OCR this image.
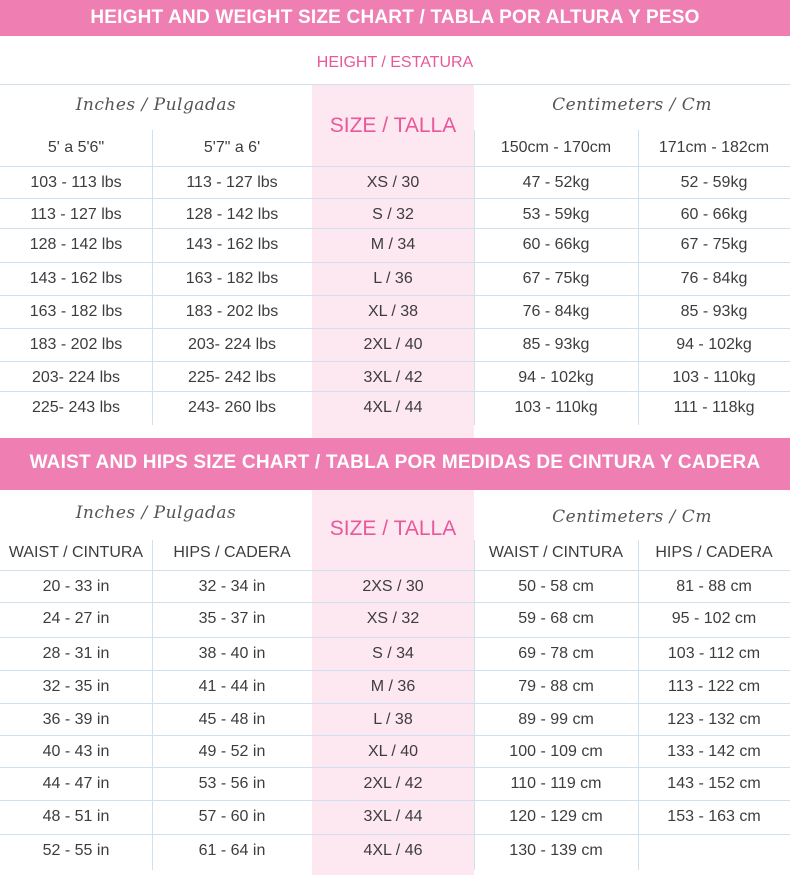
HEIGHT AND WEIGHT SIZE CHART / TABLA POR ALTURA Y PESO
HEIGHT / ESTATURA
Inches / Pulgadas	Centimeters / Cm
SIZE / TALLA
5' a 5'6"	5'7" a 6'	150cm - 170cm	171cm - 182cm
103 - 113 lbs	113 - 127 lbs	XS / 30	47 - 52kg	52 - 59kg
113 - 127 lbs	128 - 142 lbs	S / 32	53 - 59kg	60 - 66kg
128 - 142 lbs	143 - 162 lbs	M / 34	60 - 66kg	67 - 75kg
143 - 162 lbs	163 - 182 lbs	L / 36	67 - 75kg	76 - 84kg
163 - 182 lbs	183 - 202 lbs	XL / 38	76 - 84kg	85 - 93kg
183 - 202 lbs	203- 224 lbs	2XL / 40	85 - 93kg	94 - 102kg
203- 224 lbs	225- 242 lbs	3XL / 42	94 - 102kg	103 - 110kg
225- 243 lbs	243- 260 lbs	4XL / 44	103 - 110kg	111 - 118kg
WAIST AND HIPS SIZE CHART / TABLA POR MEDIDAS DE CINTURA Y CADERA
Inches / Pulgadas	Centimeters / Cm
SIZE / TALLA
WAIST / CINTURA	HIPS / CADERA	WAIST / CINTURA	HIPS / CADERA
20 - 33 in	32 - 34 in	2XS / 30	50 - 58 cm	81 - 88 cm
24 - 27 in	35 - 37 in	XS / 32	59 - 68 cm	95 - 102 cm
28 - 31 in	38 - 40 in	S / 34	69 - 78 cm	103 - 112 cm
32 - 35 in	41 - 44 in	M / 36	79 - 88 cm	113 - 122 cm
36 - 39 in	45 - 48 in	L / 38	89 - 99 cm	123 - 132 cm
40 - 43 in	49 - 52 in	XL / 40	100 - 109 cm	133 - 142 cm
44 - 47 in	53 - 56 in	2XL / 42	110 - 119 cm	143 - 152 cm
48 - 51 in	57 - 60 in	3XL / 44	120 - 129 cm	153 - 163 cm
52 - 55 in	61 - 64 in	4XL / 46	130 - 139 cm
